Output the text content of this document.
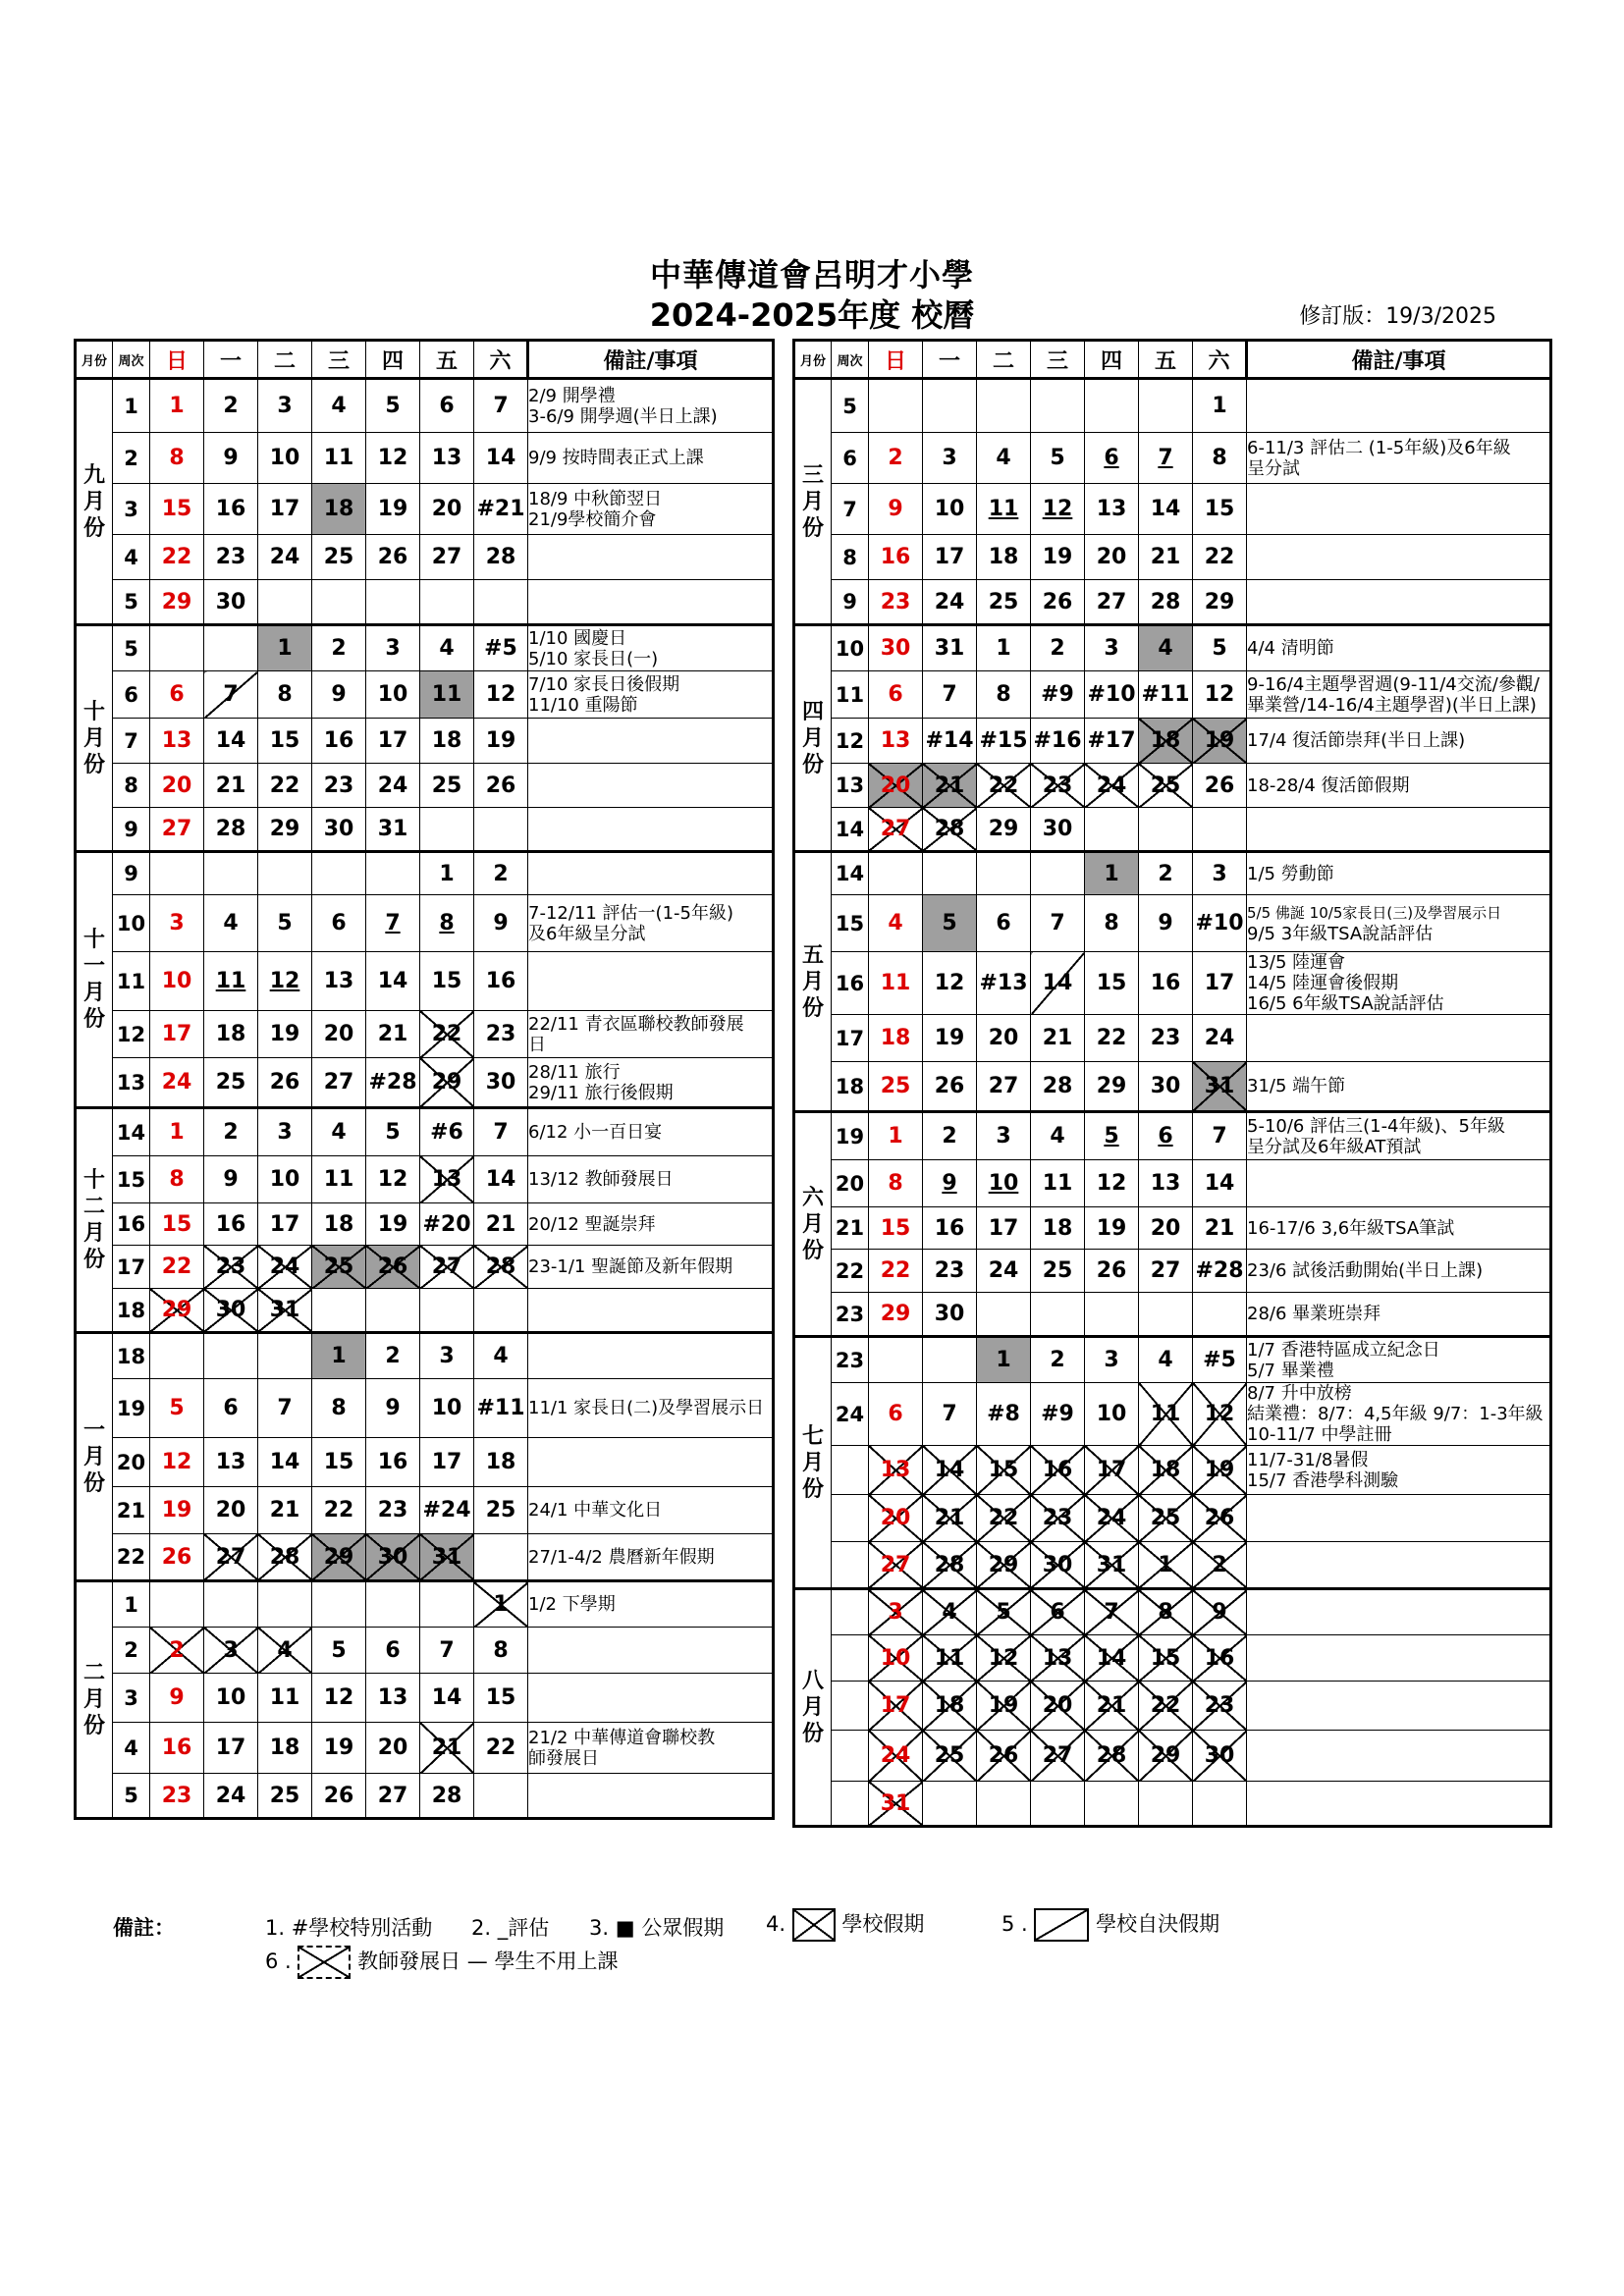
中華傳道會呂明才小學
2024-2025年度 校曆	修訂版：19/3/2025
月份	周次	日	一	二	三	四	五	六	備註/事項
九月份	1	1	2	3	4	5	6	7	2/9 開學禮
3-6/9 開學週(半日上課)

	2	8	9	10	11	12	13	14	9/9 按時間表正式上課

	3	15	16	17	18	19	20	#21	18/9 中秋節翌日
21/9學校簡介會

	4	22	23	24	25	26	27	28	
	5	29	30						
十月份	5			1	2	3	4	#5	1/10 國慶日
5/10 家長日(一)

	6	6	7	8	9	10	11	12	7/10 家長日後假期
11/10 重陽節

	7	13	14	15	16	17	18	19	
	8	20	21	22	23	24	25	26	
	9	27	28	29	30	31			
十一月份	9						1	2	
	10	3	4	5	6	7	8	9	7-12/11 評估一(1-5年級)
及6年級呈分試

	11	10	11	12	13	14	15	16	
	12	17	18	19	20	21	22	23	22/11 青衣區聯校教師發展
日

	13	24	25	26	27	#28	29	30	28/11 旅行
29/11 旅行後假期

十二月份	14	1	2	3	4	5	#6	7	6/12 小一百日宴

	15	8	9	10	11	12	13	14	13/12 教師發展日

	16	15	16	17	18	19	#20	21	20/12 聖誕崇拜

	17	22	23	24	25	26	27	28	23-1/1 聖誕節及新年假期

	18	29	30	31					
一月份	18				1	2	3	4	
	19	5	6	7	8	9	10	#11	11/1 家長日(二)及學習展示日

	20	12	13	14	15	16	17	18	
	21	19	20	21	22	23	#24	25	24/1 中華文化日

	22	26	27	28	29	30	31		27/1-4/2 農曆新年假期

二月份	1							1	1/2 下學期

	2	2	3	4	5	6	7	8	
	3	9	10	11	12	13	14	15	
	4	16	17	18	19	20	21	22	21/2 中華傳道會聯校教
師發展日

	5	23	24	25	26	27	28		
月份	周次	日	一	二	三	四	五	六	備註/事項
三月份	5							1	
	6	2	3	4	5	6	7	8	6-11/3 評估二 (1-5年級)及6年級
呈分試

	7	9	10	11	12	13	14	15	
	8	16	17	18	19	20	21	22	
	9	23	24	25	26	27	28	29	
四月份	10	30	31	1	2	3	4	5	4/4 清明節

	11	6	7	8	#9	#10	#11	12	9-16/4主題學習週(9-11/4交流/參觀/
畢業營/14-16/4主題學習)(半日上課)

	12	13	#14	#15	#16	#17	18	19	17/4 復活節崇拜(半日上課)

	13	20	21	22	23	24	25	26	18-28/4 復活節假期

	14	27	28	29	30				
五月份	14					1	2	3	1/5 勞動節

	15	4	5	6	7	8	9	#10	5/5 佛誕 10/5家長日(三)及學習展示日
9/5 3年級TSA說話評估

	16	11	12	#13	14	15	16	17	13/5 陸運會
14/5 陸運會後假期
16/5 6年級TSA說話評估

	17	18	19	20	21	22	23	24	
	18	25	26	27	28	29	30	31	31/5 端午節

六月份	19	1	2	3	4	5	6	7	5-10/6 評估三(1-4年級)、5年級
呈分試及6年級AT預試

	20	8	9	10	11	12	13	14	
	21	15	16	17	18	19	20	21	16-17/6 3,6年級TSA筆試

	22	22	23	24	25	26	27	#28	23/6 試後活動開始(半日上課)

	23	29	30						28/6 畢業班崇拜

七月份	23			1	2	3	4	#5	1/7 香港特區成立紀念日
5/7 畢業禮

	24	6	7	#8	#9	10	11	12	8/7 升中放榜
結業禮：8/7：4,5年級 9/7：1-3年級
10-11/7 中學註冊

		13	14	15	16	17	18	19	11/7-31/8暑假
15/7 香港學科測驗

		20	21	22	23	24	25	26	
		27	28	29	30	31	1	2	
八月份		3	4	5	6	7	8	9	
		10	11	12	13	14	15	16	
		17	18	19	20	21	22	23	
		24	25	26	27	28	29	30	
		31							
備註：	1. #學校特別活動 2. _評估 3. ■ 公眾假期 4.	學校假期	5 .	學校自決假期
6 .	教師發展日 — 學生不用上課
